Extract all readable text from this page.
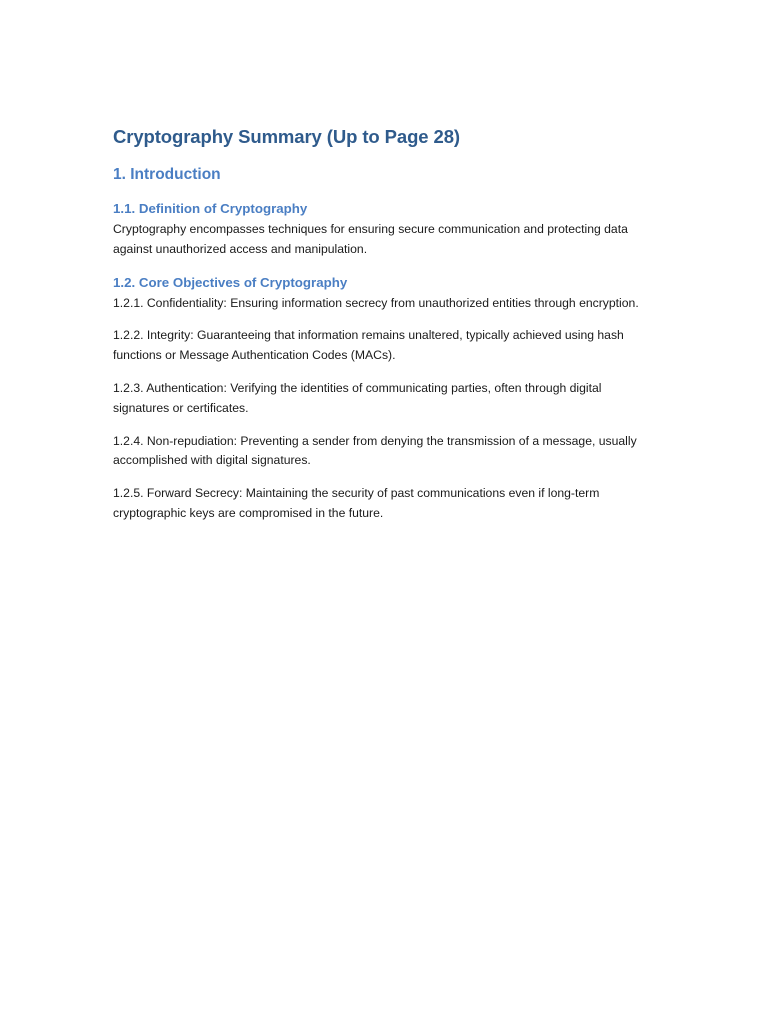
Cryptography Summary (Up to Page 28)
1. Introduction
1.1. Definition of Cryptography

Cryptography encompasses techniques for ensuring secure communication and protecting data against unauthorized access and manipulation.

1.2. Core Objectives of Cryptography

1.2.1. Confidentiality: Ensuring information secrecy from unauthorized entities through encryption.

1.2.2. Integrity: Guaranteeing that information remains unaltered, typically achieved using hash functions or Message Authentication Codes (MACs).

1.2.3. Authentication: Verifying the identities of communicating parties, often through digital signatures or certificates.

1.2.4. Non-repudiation: Preventing a sender from denying the transmission of a message, usually accomplished with digital signatures.

1.2.5. Forward Secrecy: Maintaining the security of past communications even if long-term cryptographic keys are compromised in the future.
